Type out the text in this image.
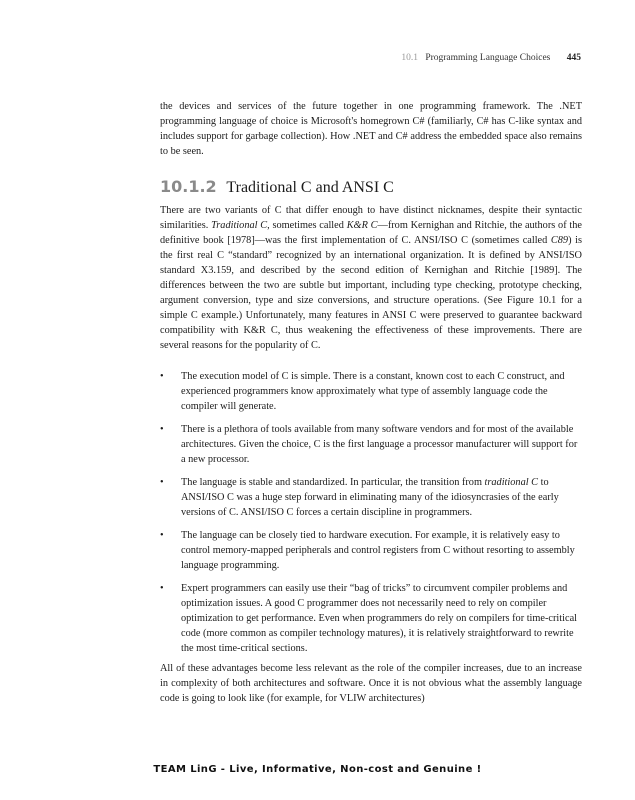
10.1 Programming Language Choices 445

the devices and services of the future together in one programming framework. The .NET programming language of choice is Microsoft's homegrown C# (familiarly, C# has C-like syntax and includes support for garbage collection). How .NET and C# address the embedded space also remains to be seen.

10.1.2 Traditional C and ANSI C

There are two variants of C that differ enough to have distinct nicknames, despite their syntactic similarities. Traditional C, sometimes called K&R C—from Kernighan and Ritchie, the authors of the definitive book [1978]—was the first implementation of C. ANSI/ISO C (sometimes called C89) is the first real C “standard” recognized by an international organization. It is defined by ANSI/ISO standard X3.159, and described by the second edition of Kernighan and Ritchie [1989]. The differences between the two are subtle but important, including type checking, prototype checking, argument conversion, type and size conversions, and structure operations. (See Figure 10.1 for a simple C example.) Unfortunately, many features in ANSI C were preserved to guarantee backward compatibility with K&R C, thus weakening the effectiveness of these improvements. There are several reasons for the popularity of C.

• The execution model of C is simple. There is a constant, known cost to each C construct, and experienced programmers know approximately what type of assembly language code the compiler will generate.
• There is a plethora of tools available from many software vendors and for most of the available architectures. Given the choice, C is the first language a processor manufacturer will support for a new processor.
• The language is stable and standardized. In particular, the transition from traditional C to ANSI/ISO C was a huge step forward in eliminating many of the idiosyncrasies of the early versions of C. ANSI/ISO C forces a certain discipline in programmers.
• The language can be closely tied to hardware execution. For example, it is relatively easy to control memory-mapped peripherals and control registers from C without resorting to assembly language programming.
• Expert programmers can easily use their “bag of tricks” to circumvent compiler problems and optimization issues. A good C programmer does not necessarily need to rely on compiler optimization to get performance. Even when programmers do rely on compilers for time-critical code (more common as compiler technology matures), it is relatively straightforward to rewrite the most time-critical sections.

All of these advantages become less relevant as the role of the compiler increases, due to an increase in complexity of both architectures and software. Once it is not obvious what the assembly language code is going to look like (for example, for VLIW architectures)

TEAM LinG - Live, Informative, Non-cost and Genuine !
